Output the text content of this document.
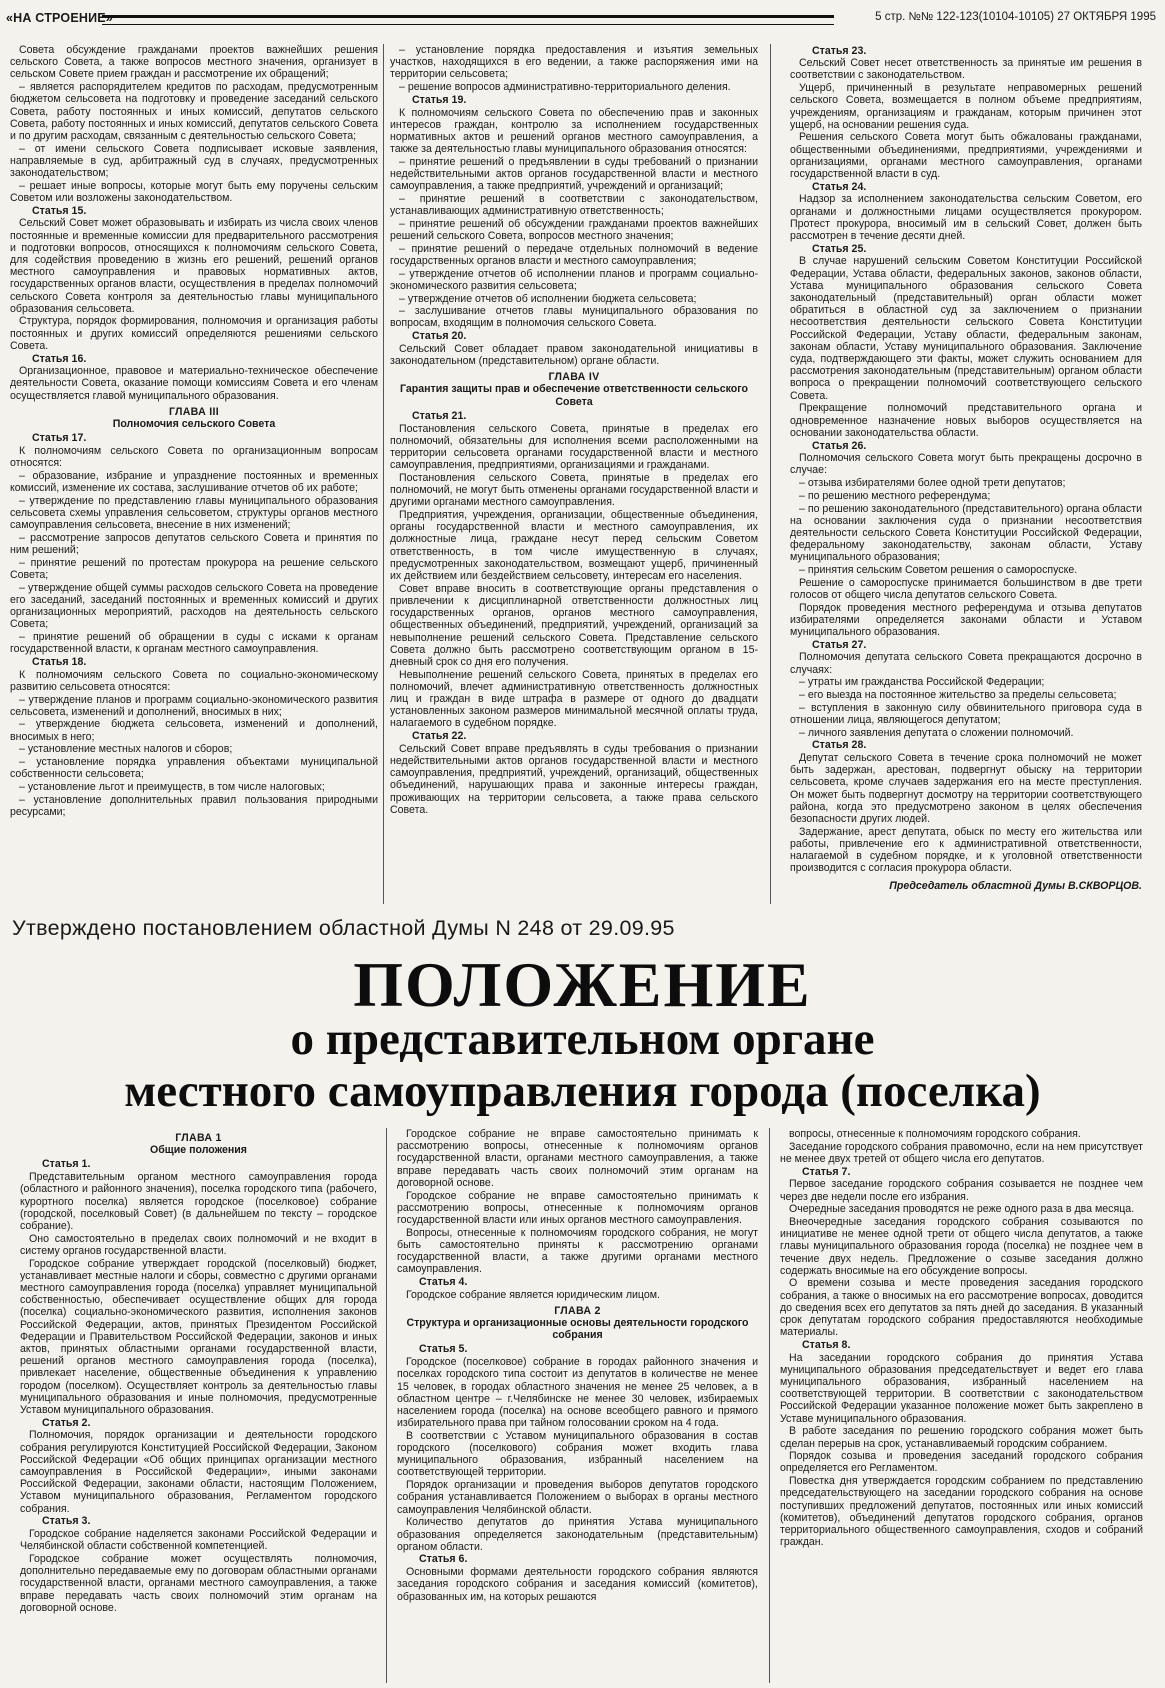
«НА СТРОЕНИЕ»	5 стр. №№ 122-123(10104-10105) 27 ОКТЯБРЯ 1995

Совета обсуждение гражданами проектов важнейших решения сельского Совета, а также вопросов местного значения, организует в сельском Совете прием граждан и рассмотрение их обращений;

– является распорядителем кредитов по расходам, предусмотренным бюджетом сельсовета на подготовку и проведение заседаний сельского Совета, работу постоянных и иных комиссий, депутатов сельского Совета, работу постоянных и иных комиссий, депутатов сельского Совета и по другим расходам, связанным с деятельностью сельского Совета;

– от имени сельского Совета подписывает исковые заявления, направляемые в суд, арбитражный суд в случаях, предусмотренных законодательством;

– решает иные вопросы, которые могут быть ему поручены сельским Советом или возложены законодательством.

Статья 15.

Сельский Совет может образовывать и избирать из числа своих членов постоянные и временные комиссии для предварительного рассмотрения и подготовки вопросов, относящихся к полномочиям сельского Совета, для содействия проведению в жизнь его решений, решений органов местного самоуправления и правовых нормативных актов, государственных органов власти, осуществления в пределах полномочий сельского Совета контроля за деятельностью главы муниципального образования сельсовета.

Структура, порядок формирования, полномочия и организация работы постоянных и других комиссий определяются решениями сельского Совета.

Статья 16.

Организационное, правовое и материально-техническое обеспечение деятельности Совета, оказание помощи комиссиям Совета и его членам осуществляется главой муниципального образования.

ГЛАВА III

Полномочия сельского Совета

Статья 17.

К полномочиям сельского Совета по организационным вопросам относятся:

– образование, избрание и упразднение постоянных и временных комиссий, изменение их состава, заслушивание отчетов об их работе;

– утверждение по представлению главы муниципального образования сельсовета схемы управления сельсоветом, структуры органов местного самоуправления сельсовета, внесение в них изменений;

– рассмотрение запросов депутатов сельского Совета и принятия по ним решений;

– принятие решений по протестам прокурора на решение сельского Совета;

– утверждение общей суммы расходов сельского Совета на проведение его заседаний, заседаний постоянных и временных комиссий и других организационных мероприятий, расходов на деятельность сельского Совета;

– принятие решений об обращении в суды с исками к органам государственной власти, к органам местного самоуправления.

Статья 18.

К полномочиям сельского Совета по социально-экономическому развитию сельсовета относятся:

– утверждение планов и программ социально-экономического развития сельсовета, изменений и дополнений, вносимых в них;

– утверждение бюджета сельсовета, изменений и дополнений, вносимых в него;

– установление местных налогов и сборов;

– установление порядка управления объектами муниципальной собственности сельсовета;

– установление льгот и преимуществ, в том числе налоговых;

– установление дополнительных правил пользования природными ресурсами;

– установление порядка предоставления и изъятия земельных участков, находящихся в его ведении, а также распоряжения ими на территории сельсовета;

– решение вопросов административно-территориального деления.

Статья 19.

К полномочиям сельского Совета по обеспечению прав и законных интересов граждан, контролю за исполнением государственных нормативных актов и решений органов местного самоуправления, а также за деятельностью главы муниципального образования относятся:

– принятие решений о предъявлении в суды требований о признании недействительными актов органов государственной власти и местного самоуправления, а также предприятий, учреждений и организаций;

– принятие решений в соответствии с законодательством, устанавливающих административную ответственность;

– принятие решений об обсуждении гражданами проектов важнейших решений сельского Совета, вопросов местного значения;

– принятие решений о передаче отдельных полномочий в ведение государственных органов власти и местного самоуправления;

– утверждение отчетов об исполнении планов и программ социально-экономического развития сельсовета;

– утверждение отчетов об исполнении бюджета сельсовета;

– заслушивание отчетов главы муниципального образования по вопросам, входящим в полномочия сельского Совета.

Статья 20.

Сельский Совет обладает правом законодательной инициативы в законодательном (представительном) органе области.

ГЛАВА IV

Гарантия защиты прав и обеспечение ответственности сельского Совета

Статья 21.

Постановления сельского Совета, принятые в пределах его полномочий, обязательны для исполнения всеми расположенными на территории сельсовета органами государственной власти и местного самоуправления, предприятиями, организациями и гражданами.

Постановления сельского Совета, принятые в пределах его полномочий, не могут быть отменены органами государственной власти и другими органами местного самоуправления.

Предприятия, учреждения, организации, общественные объединения, органы государственной власти и местного самоуправления, их должностные лица, граждане несут перед сельским Советом ответственность, в том числе имущественную в случаях, предусмотренных законодательством, возмещают ущерб, причиненный их действием или бездействием сельсовету, интересам его населения.

Совет вправе вносить в соответствующие органы представления о привлечении к дисциплинарной ответственности должностных лиц государственных органов, органов местного самоуправления, общественных объединений, предприятий, учреждений, организаций за невыполнение решений сельского Совета. Представление сельского Совета должно быть рассмотрено соответствующим органом в 15-дневный срок со дня его получения.

Невыполнение решений сельского Совета, принятых в пределах его полномочий, влечет административную ответственность должностных лиц и граждан в виде штрафа в размере от одного до двадцати установленных законом размеров минимальной месячной оплаты труда, налагаемого в судебном порядке.

Статья 22.

Сельский Совет вправе предъявлять в суды требования о признании недействительными актов органов государственной власти и местного самоуправления, предприятий, учреждений, организаций, общественных объединений, нарушающих права и законные интересы граждан, проживающих на территории сельсовета, а также права сельского Совета.

Статья 23.

Сельский Совет несет ответственность за принятые им решения в соответствии с законодательством.

Ущерб, причиненный в результате неправомерных решений сельского Совета, возмещается в полном объеме предприятиям, учреждениям, организациям и гражданам, которым причинен этот ущерб, на основании решения суда.

Решения сельского Совета могут быть обжалованы гражданами, общественными объединениями, предприятиями, учреждениями и организациями, органами местного самоуправления, органами государственной власти в суд.

Статья 24.

Надзор за исполнением законодательства сельским Советом, его органами и должностными лицами осуществляется прокурором. Протест прокурора, вносимый им в сельский Совет, должен быть рассмотрен в течение десяти дней.

Статья 25.

В случае нарушений сельским Советом Конституции Российской Федерации, Устава области, федеральных законов, законов области, Устава муниципального образования сельского Совета законодательный (представительный) орган области может обратиться в областной суд за заключением о признании несоответствия деятельности сельского Совета Конституции Российской Федерации, Уставу области, федеральным законам, законам области, Уставу муниципального образования. Заключение суда, подтверждающего эти факты, может служить основанием для рассмотрения законодательным (представительным) органом области вопроса о прекращении полномочий соответствующего сельского Совета.

Прекращение полномочий представительного органа и одновременное назначение новых выборов осуществляется на основании законодательства области.

Статья 26.

Полномочия сельского Совета могут быть прекращены досрочно в случае:

– отзыва избирателями более одной трети депутатов;

– по решению местного референдума;

– по решению законодательного (представительного) органа области на основании заключения суда о признании несоответствия деятельности сельского Совета Конституции Российской Федерации, федеральному законодательству, законам области, Уставу муниципального образования;

– принятия сельским Советом решения о самороспуске.

Решение о самороспуске принимается большинством в две трети голосов от общего числа депутатов сельского Совета.

Порядок проведения местного референдума и отзыва депутатов избирателями определяется законами области и Уставом муниципального образования.

Статья 27.

Полномочия депутата сельского Совета прекращаются досрочно в случаях:

– утраты им гражданства Российской Федерации;

– его выезда на постоянное жительство за пределы сельсовета;

– вступления в законную силу обвинительного приговора суда в отношении лица, являющегося депутатом;

– личного заявления депутата о сложении полномочий.

Статья 28.

Депутат сельского Совета в течение срока полномочий не может быть задержан, арестован, подвергнут обыску на территории сельсовета, кроме случаев задержания его на месте преступления. Он может быть подвергнут досмотру на территории соответствующего района, когда это предусмотрено законом в целях обеспечения безопасности других людей.

Задержание, арест депутата, обыск по месту его жительства или работы, привлечение его к административной ответственности, налагаемой в судебном порядке, и к уголовной ответственности производится с согласия прокурора области.

Председатель областной Думы В.СКВОРЦОВ.

Утверждено постановлением областной Думы N 248 от 29.09.95
ПОЛОЖЕНИЕ
о представительном органе
местного самоуправления города (поселка)

ГЛАВА 1

Общие положения

Статья 1.

Представительным органом местного самоуправления города (областного и районного значения), поселка городского типа (рабочего, курортного поселка) является городское (поселковое) собрание (городской, поселковый Совет) (в дальнейшем по тексту – городское собрание).

Оно самостоятельно в пределах своих полномочий и не входит в систему органов государственной власти.

Городское собрание утверждает городской (поселковый) бюджет, устанавливает местные налоги и сборы, совместно с другими органами местного самоуправления города (поселка) управляет муниципальной собственностью, обеспечивает осуществление общих для города (поселка) социально-экономического развития, исполнения законов Российской Федерации, актов, принятых Президентом Российской Федерации и Правительством Российской Федерации, законов и иных актов, принятых областными органами государственной власти, решений органов местного самоуправления города (поселка), привлекает население, общественные объединения к управлению городом (поселком). Осуществляет контроль за деятельностью главы муниципального образования и иные полномочия, предусмотренные Уставом муниципального образования.

Статья 2.

Полномочия, порядок организации и деятельности городского собрания регулируются Конституцией Российской Федерации, Законом Российской Федерации «Об общих принципах организации местного самоуправления в Российской Федерации», иными законами Российской Федерации, законами области, настоящим Положением, Уставом муниципального образования, Регламентом городского собрания.

Статья 3.

Городское собрание наделяется законами Российской Федерации и Челябинской области собственной компетенцией.

Городское собрание может осуществлять полномочия, дополнительно передаваемые ему по договорам областными органами государственной власти, органами местного самоуправления, а также вправе передавать часть своих полномочий этим органам на договорной основе.

Городское собрание не вправе самостоятельно принимать к рассмотрению вопросы, отнесенные к полномочиям органов государственной власти, органами местного самоуправления, а также вправе передавать часть своих полномочий этим органам на договорной основе.

Городское собрание не вправе самостоятельно принимать к рассмотрению вопросы, отнесенные к полномочиям органов государственной власти или иных органов местного самоуправления.

Вопросы, отнесенные к полномочиям городского собрания, не могут быть самостоятельно приняты к рассмотрению органами государственной власти, а также другими органами местного самоуправления.

Статья 4.

Городское собрание является юридическим лицом.

ГЛАВА 2

Структура и организационные основы деятельности городского собрания

Статья 5.

Городское (поселковое) собрание в городах районного значения и поселках городского типа состоит из депутатов в количестве не менее 15 человек, в городах областного значения не менее 25 человек, а в областном центре – г.Челябинске не менее 30 человек, избираемых населением города (поселка) на основе всеобщего равного и прямого избирательного права при тайном голосовании сроком на 4 года.

В соответствии с Уставом муниципального образования в состав городского (поселкового) собрания может входить глава муниципального образования, избранный населением на соответствующей территории.

Порядок организации и проведения выборов депутатов городского собрания устанавливается Положением о выборах в органы местного самоуправления Челябинской области.

Количество депутатов до принятия Устава муниципального образования определяется законодательным (представительным) органом области.

Статья 6.

Основными формами деятельности городского собрания являются заседания городского собрания и заседания комиссий (комитетов), образованных им, на которых решаются

вопросы, отнесенные к полномочиям городского собрания.

Заседание городского собрания правомочно, если на нем присутствует не менее двух третей от общего числа его депутатов.

Статья 7.

Первое заседание городского собрания созывается не позднее чем через две недели после его избрания.

Очередные заседания проводятся не реже одного раза в два месяца.

Внеочередные заседания городского собрания созываются по инициативе не менее одной трети от общего числа депутатов, а также главы муниципального образования города (поселка) не позднее чем в течение двух недель. Предложение о созыве заседания должно содержать вносимые на его обсуждение вопросы.

О времени созыва и месте проведения заседания городского собрания, а также о вносимых на его рассмотрение вопросах, доводится до сведения всех его депутатов за пять дней до заседания. В указанный срок депутатам городского собрания предоставляются необходимые материалы.

Статья 8.

На заседании городского собрания до принятия Устава муниципального образования председательствует и ведет его глава муниципального образования, избранный населением на соответствующей территории. В соответствии с законодательством Российской Федерации указанное положение может быть закреплено в Уставе муниципального образования.

В работе заседания по решению городского собрания может быть сделан перерыв на срок, устанавливаемый городским собранием.

Порядок созыва и проведения заседаний городского собрания определяется его Регламентом.

Повестка дня утверждается городским собранием по представлению председательствующего на заседании городского собрания на основе поступивших предложений депутатов, постоянных или иных комиссий (комитетов), объединений депутатов городского собрания, органов территориального общественного самоуправления, сходов и собраний граждан.
